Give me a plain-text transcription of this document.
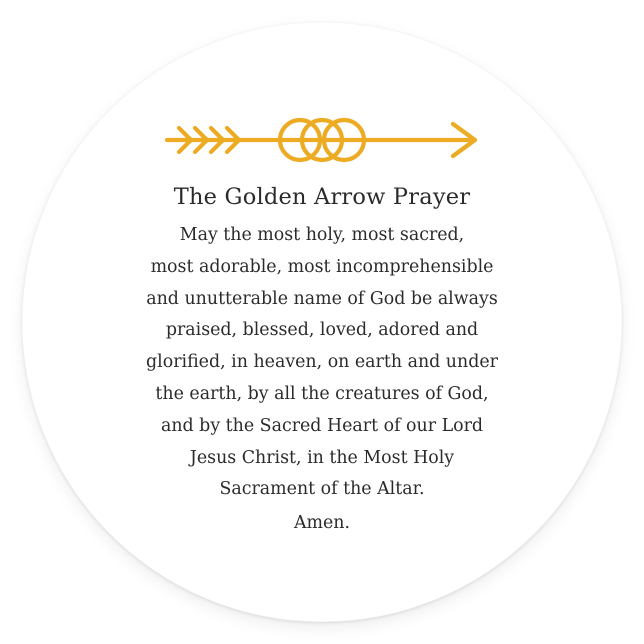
The Golden Arrow Prayer
May the most holy, most sacred,
most adorable, most incomprehensible
and unutterable name of God be always
praised, blessed, loved, adored and
glorified, in heaven, on earth and under
the earth, by all the creatures of God,
and by the Sacred Heart of our Lord
Jesus Christ, in the Most Holy
Sacrament of the Altar.
Amen.
